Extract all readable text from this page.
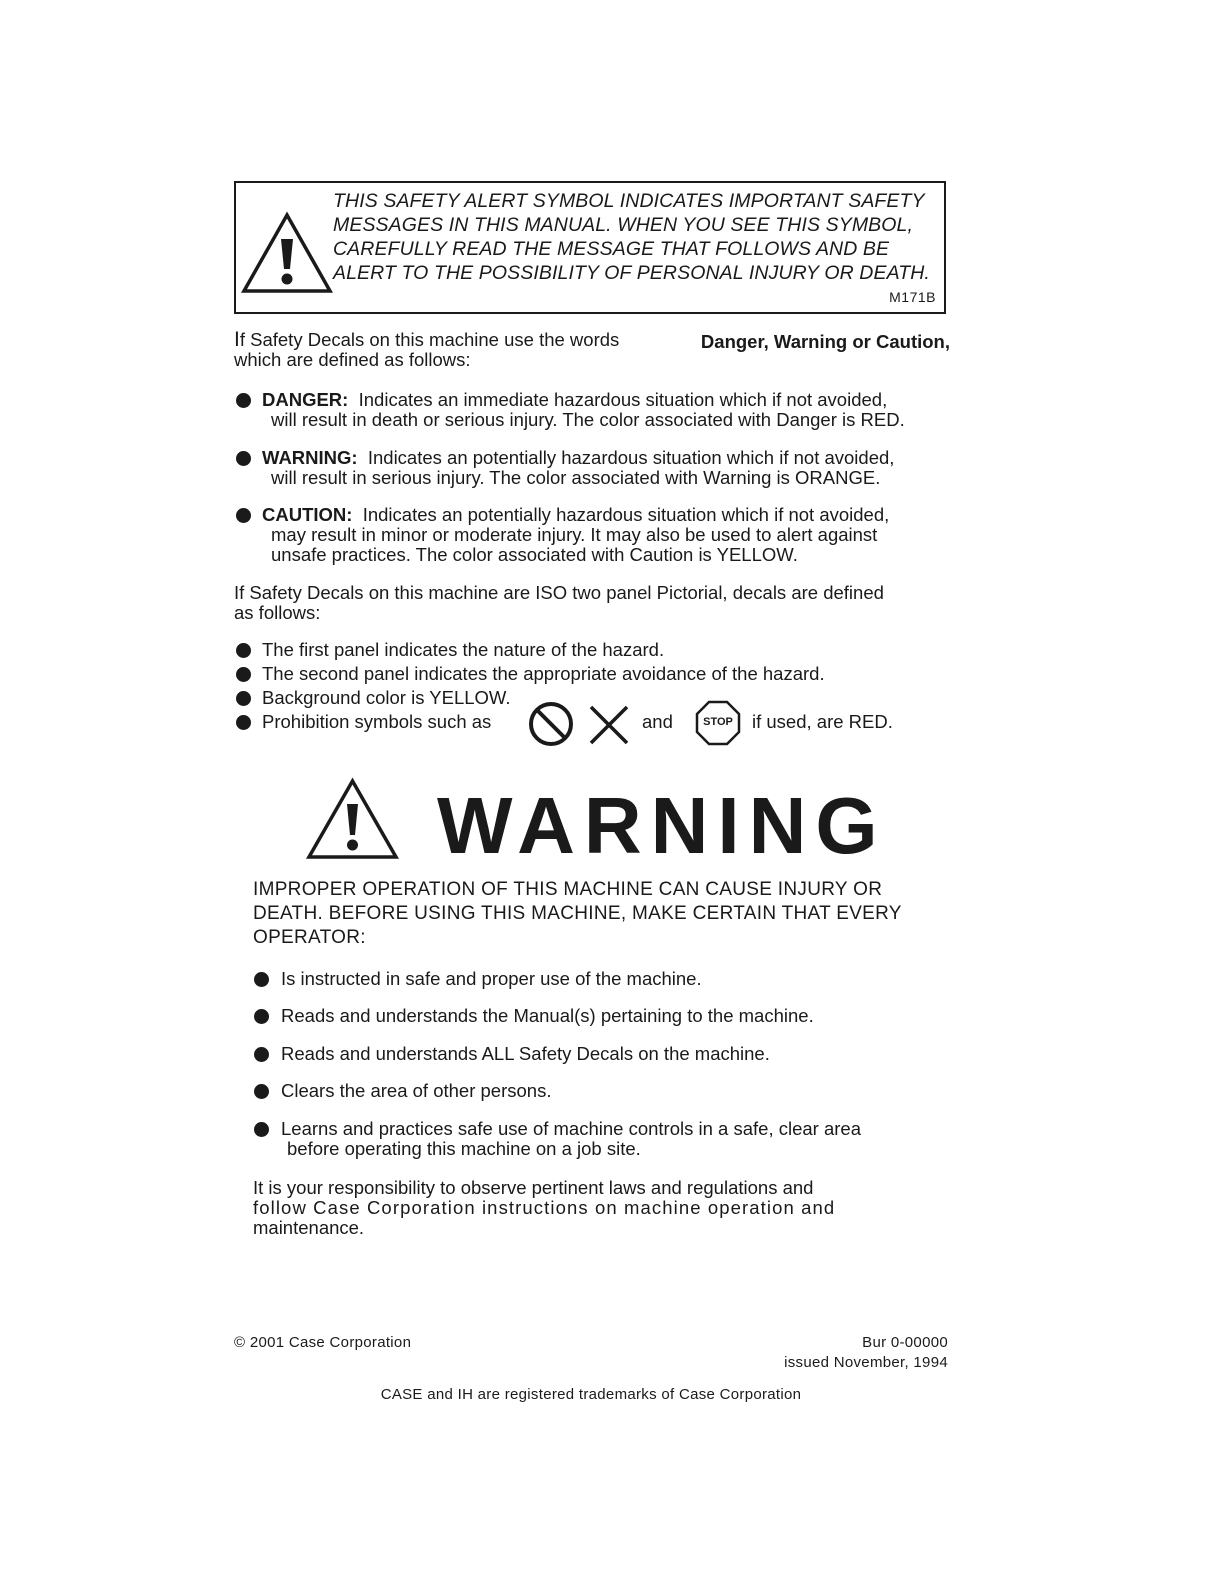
THIS SAFETY ALERT SYMBOL INDICATES IMPORTANT SAFETY
MESSAGES IN THIS MANUAL. WHEN YOU SEE THIS SYMBOL,
CAREFULLY READ THE MESSAGE THAT FOLLOWS AND BE
ALERT TO THE POSSIBILITY OF PERSONAL INJURY OR DEATH.
M171B
If Safety Decals on this machine use the words	Danger, Warning or Caution,
which are defined as follows:
DANGER: Indicates an immediate hazardous situation which if not avoided,
will result in death or serious injury. The color associated with Danger is RED.
WARNING: Indicates an potentially hazardous situation which if not avoided,
will result in serious injury. The color associated with Warning is ORANGE.
CAUTION: Indicates an potentially hazardous situation which if not avoided,
may result in minor or moderate injury. It may also be used to alert against
unsafe practices. The color associated with Caution is YELLOW.
If Safety Decals on this machine are ISO two panel Pictorial, decals are defined
as follows:
The first panel indicates the nature of the hazard.
The second panel indicates the appropriate avoidance of the hazard.
Background color is YELLOW.
Prohibition symbols such as	and	STOP	if used, are RED.
WARNING
IMPROPER OPERATION OF THIS MACHINE CAN CAUSE INJURY OR
DEATH. BEFORE USING THIS MACHINE, MAKE CERTAIN THAT EVERY
OPERATOR:
Is instructed in safe and proper use of the machine.
Reads and understands the Manual(s) pertaining to the machine.
Reads and understands ALL Safety Decals on the machine.
Clears the area of other persons.
Learns and practices safe use of machine controls in a safe, clear area
before operating this machine on a job site.
It is your responsibility to observe pertinent laws and regulations and
follow Case Corporation instructions on machine operation and
maintenance.
© 2001 Case Corporation	Bur 0-00000
issued November, 1994
CASE and IH are registered trademarks of Case Corporation
